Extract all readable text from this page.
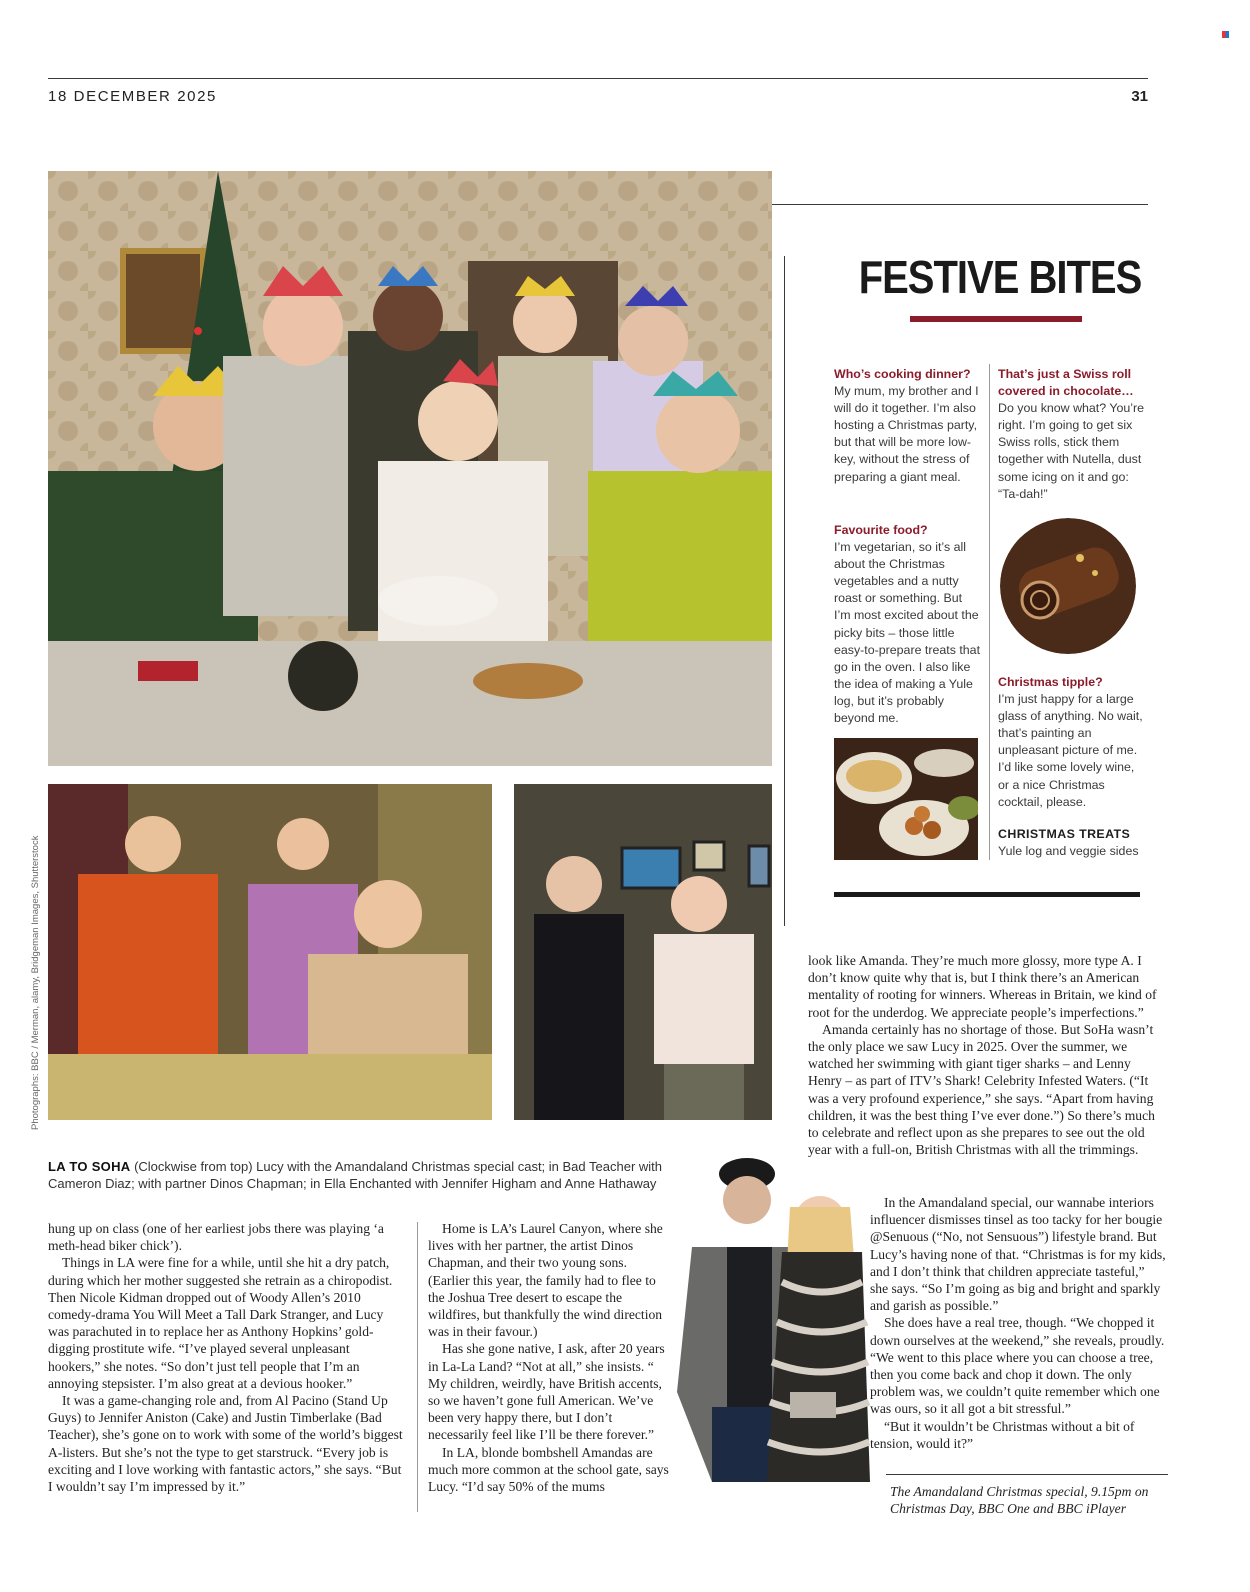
18 DECEMBER 2025	31
Photographs: BBC / Merman, alamy, Bridgeman Images, Shutterstock
LA TO SOHA (Clockwise from top) Lucy with the Amandaland Christmas special cast; in Bad Teacher with Cameron Diaz; with partner Dinos Chapman; in Ella Enchanted with Jennifer Higham and Anne Hathaway
FESTIVE BITES
Who’s cooking dinner?

My mum, my brother and I will do it together. I’m also hosting a Christmas party, but that will be more low-key, without the stress of preparing a giant meal.

Favourite food?

I’m vegetarian, so it’s all about the Christmas vegetables and a nutty roast or something. But I’m most excited about the picky bits – those little easy-to-prepare treats that go in the oven. I also like the idea of making a Yule log, but it’s probably beyond me.

That’s just a Swiss roll covered in chocolate…

Do you know what? You’re right. I’m going to get six Swiss rolls, stick them together with Nutella, dust some icing on it and go: “Ta-dah!”

Christmas tipple?

I’m just happy for a large glass of anything. No wait, that’s painting an unpleasant picture of me. I’d like some lovely wine, or a nice Christmas cocktail, please.

CHRISTMAS TREATS

Yule log and veggie sides

hung up on class (one of her earliest jobs there was playing ‘a meth-head biker chick’).

Things in LA were fine for a while, until she hit a dry patch, during which her mother suggested she retrain as a chiropodist. Then Nicole Kidman dropped out of Woody Allen’s 2010 comedy-drama You Will Meet a Tall Dark Stranger, and Lucy was parachuted in to replace her as Anthony Hopkins’ gold-digging prostitute wife. “I’ve played several unpleasant hookers,” she notes. “So don’t just tell people that I’m an annoying stepsister. I’m also great at a devious hooker.”

It was a game-changing role and, from Al Pacino (Stand Up Guys) to Jennifer Aniston (Cake) and Justin Timberlake (Bad Teacher), she’s gone on to work with some of the world’s biggest A-listers. But she’s not the type to get starstruck. “Every job is exciting and I love working with fantastic actors,” she says. “But I wouldn’t say I’m impressed by it.”

Home is LA’s Laurel Canyon, where she lives with her partner, the artist Dinos Chapman, and their two young sons. (Earlier this year, the family had to flee to the Joshua Tree desert to escape the wildfires, but thankfully the wind direction was in their favour.)

Has she gone native, I ask, after 20 years in La-La Land? “Not at all,” she insists. “ My children, weirdly, have British accents, so we haven’t gone full American. We’ve been very happy there, but I don’t necessarily feel like I’ll be there forever.”

In LA, blonde bombshell Amandas are much more common at the school gate, says Lucy. “I’d say 50% of the mums

look like Amanda. They’re much more glossy, more type A. I don’t know quite why that is, but I think there’s an American mentality of rooting for winners. Whereas in Britain, we kind of root for the underdog. We appreciate people’s imperfections.”

Amanda certainly has no shortage of those. But SoHa wasn’t the only place we saw Lucy in 2025. Over the summer, we watched her swimming with giant tiger sharks – and Lenny Henry – as part of ITV’s Shark! Celebrity Infested Waters. (“It was a very profound experience,” she says. “Apart from having children, it was the best thing I’ve ever done.”) So there’s much to celebrate and reflect upon as she prepares to see out the old year with a full-on, British Christmas with all the trimmings.

In the Amandaland special, our wannabe interiors influencer dismisses tinsel as too tacky for her bougie @Senuous (“No, not Sensuous”) lifestyle brand. But Lucy’s having none of that. “Christmas is for my kids, and I don’t think that children appreciate tasteful,” she says. “So I’m going as big and bright and sparkly and garish as possible.”

She does have a real tree, though. “We chopped it down ourselves at the weekend,” she reveals, proudly. “We went to this place where you can choose a tree, then you come back and chop it down. The only problem was, we couldn’t quite remember which one was ours, so it all got a bit stressful.”

“But it wouldn’t be Christmas without a bit of tension, would it?”

The Amandaland Christmas special, 9.15pm on Christmas Day, BBC One and BBC iPlayer
